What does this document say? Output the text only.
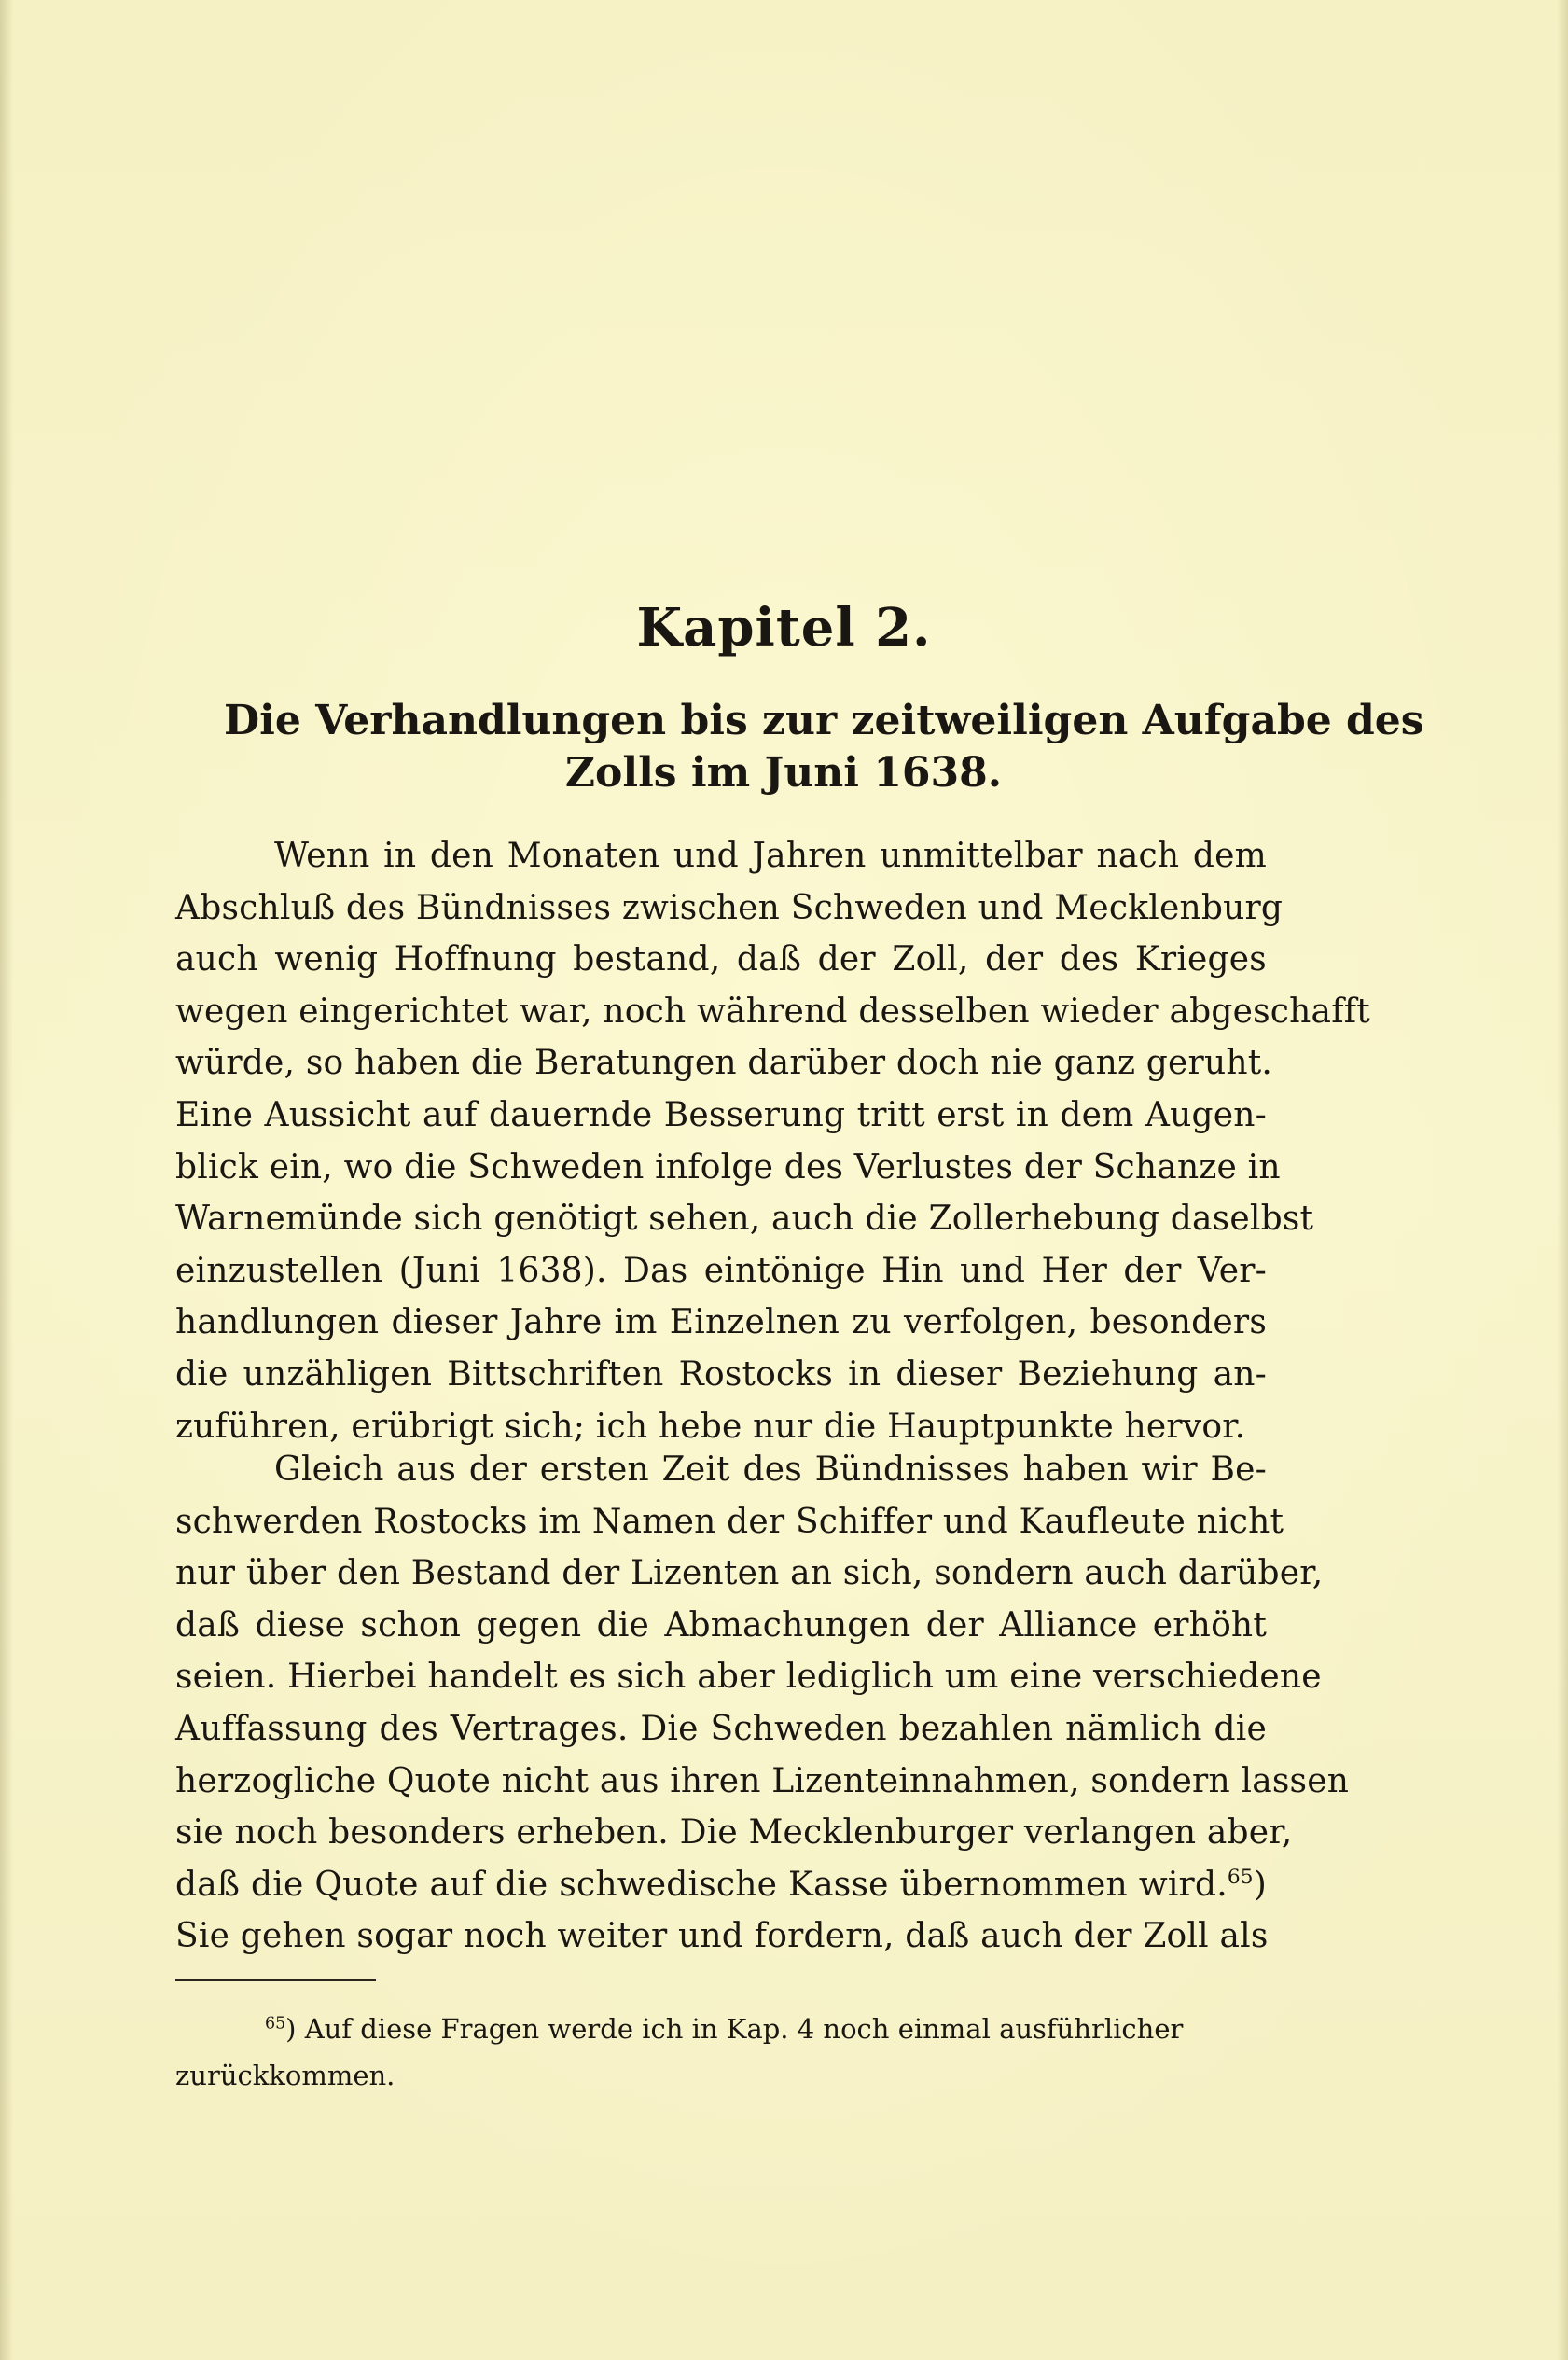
Kapitel 2.
Die Verhandlungen bis zur zeitweiligen Aufgabe des
Zolls im Juni 1638.
Wenn in den Monaten und Jahren unmittelbar nach dem
Abschluß des Bündnisses zwischen Schweden und Mecklenburg
auch wenig Hoffnung bestand, daß der Zoll, der des Krieges
wegen eingerichtet war, noch während desselben wieder abgeschafft
würde, so haben die Beratungen darüber doch nie ganz geruht.
Eine Aussicht auf dauernde Besserung tritt erst in dem Augen-
blick ein, wo die Schweden infolge des Verlustes der Schanze in
Warnemünde sich genötigt sehen, auch die Zollerhebung daselbst
einzustellen (Juni 1638). Das eintönige Hin und Her der Ver-
handlungen dieser Jahre im Einzelnen zu verfolgen, besonders
die unzähligen Bittschriften Rostocks in dieser Beziehung an-
zuführen, erübrigt sich; ich hebe nur die Hauptpunkte hervor.
Gleich aus der ersten Zeit des Bündnisses haben wir Be-
schwerden Rostocks im Namen der Schiffer und Kaufleute nicht
nur über den Bestand der Lizenten an sich, sondern auch darüber,
daß diese schon gegen die Abmachungen der Alliance erhöht
seien. Hierbei handelt es sich aber lediglich um eine verschiedene
Auffassung des Vertrages. Die Schweden bezahlen nämlich die
herzogliche Quote nicht aus ihren Lizenteinnahmen, sondern lassen
sie noch besonders erheben. Die Mecklenburger verlangen aber,
daß die Quote auf die schwedische Kasse übernommen wird.$^{65}$)
Sie gehen sogar noch weiter und fordern, daß auch der Zoll als
$^{65}$) Auf diese Fragen werde ich in Kap. 4 noch einmal ausführlicher
zurückkommen.
